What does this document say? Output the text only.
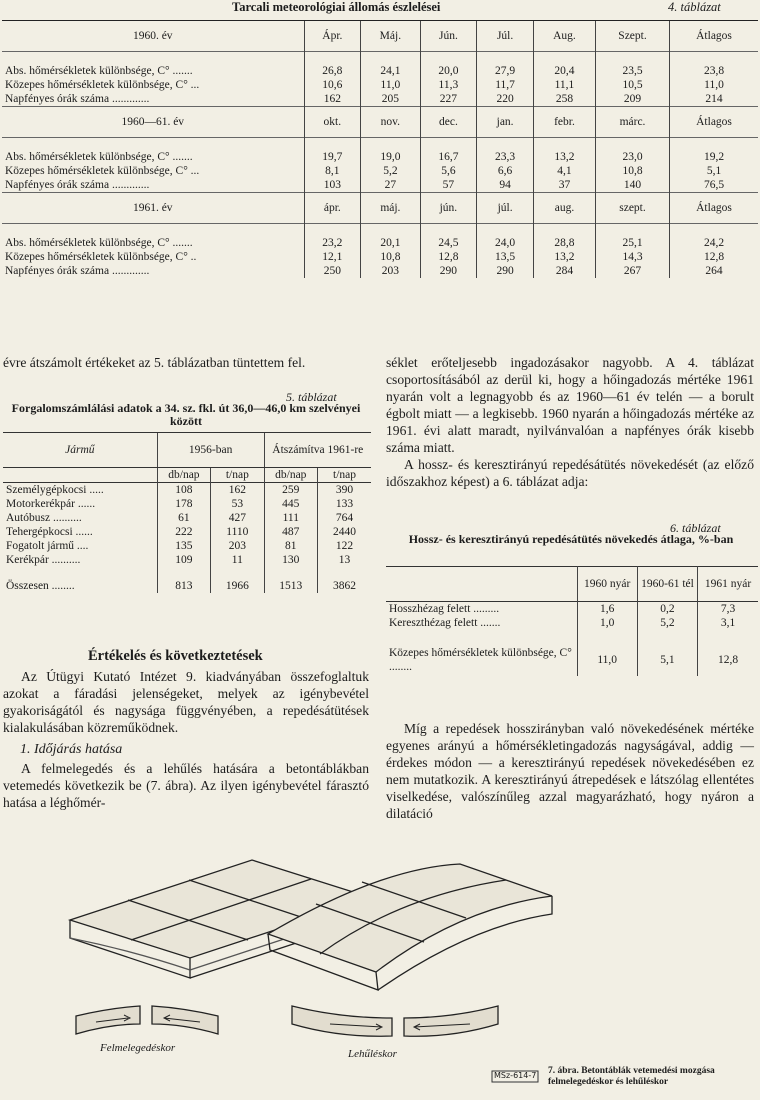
Tarcali meteorológiai állomás észlelései	4. táblázat
1960. év	Ápr.	Máj.	Jún.	Júl.	Aug.	Szept.	Átlagos

Abs. hőmérsékletek különbsége, C° .......	26,8	24,1	20,0	27,9	20,4	23,5	23,8
Közepes hőmérsékletek különbsége, C° ...	10,6	11,0	11,3	11,7	11,1	10,5	11,0
Napfényes órák száma .............	162	205	227	220	258	209	214
1960—61. év	okt.	nov.	dec.	jan.	febr.	márc.	Átlagos

Abs. hőmérsékletek különbsége, C° .......	19,7	19,0	16,7	23,3	13,2	23,0	19,2
Közepes hőmérsékletek különbsége, C° ...	8,1	5,2	5,6	6,6	4,1	10,8	5,1
Napfényes órák száma .............	103	27	57	94	37	140	76,5
1961. év	ápr.	máj.	jún.	júl.	aug.	szept.	Átlagos

Abs. hőmérsékletek különbsége, C° .......	23,2	20,1	24,5	24,0	28,8	25,1	24,2
Közepes hőmérsékletek különbsége, C° ..	12,1	10,8	12,8	13,5	13,2	14,3	12,8
Napfényes órák száma .............	250	203	290	290	284	267	264

évre átszámolt értékeket az 5. táblázatban tüntettem fel.

5. táblázat
Forgalomszámlálási adatok a 34. sz. fkl. út 36,0—46,0 km szelvényei között
Jármű	1956-ban		Átszámítva 1961-re	

	db/nap	t/nap	db/nap	t/nap
Személygépkocsi .....	108	162	259	390
Motorkerékpár ......	178	53	445	133
Autóbusz ..........	61	427	111	764
Tehergépkocsi ......	222	1110	487	2440
Fogatolt jármű ....	135	203	81	122
Kerékpár ..........	109	11	130	13

Összesen ........	813	1966	1513	3862
Értékelés és következtetések

Az Útügyi Kutató Intézet 9. kiadványában összefoglaltuk azokat a fáradási jelenségeket, melyek az igénybevétel gyakoriságától és nagysága függvényében, a repedésátütések kialakulásában közreműködnek.

1. Időjárás hatása

A felmelegedés és a lehűlés hatására a betontáblákban vetemedés következik be (7. ábra). Az ilyen igénybevétel fárasztó hatása a léghőmér-

séklet erőteljesebb ingadozásakor nagyobb. A 4. táblázat csoportosításából az derül ki, hogy a hőingadozás mértéke 1961 nyarán volt a legnagyobb és az 1960—61 év telén — a borult égbolt miatt — a legkisebb. 1960 nyarán a hőingadozás mértéke az 1961. évi alatt maradt, nyilvánvalóan a napfényes órák kisebb száma miatt.

A hossz- és keresztirányú repedésátütés növekedését (az előző időszakhoz képest) a 6. táblázat adja:

6. táblázat
Hossz- és keresztirányú repedésátütés növekedés átlaga, %-ban
	1960 nyár	1960-61 tél	1961 nyár
Hosszhézag felett .........	1,6	0,2	7,3
Kereszthézag felett .......	1,0	5,2	3,1

Közepes hőmérsékletek különbsége, C° ........	11,0	5,1	12,8

Míg a repedések hosszirányban való növekedésének mértéke egyenes arányú a hőmérsékletingadozás nagyságával, addig — érdekes módon — a keresztirányú repedések növekedésében ez nem mutatkozik. A keresztirányú átrepedések e látszólag ellentétes viselkedése, valószínűleg azzal magyarázható, hogy nyáron a dilatáció

Felmelegedéskor	Lehűléskor
MSz-614-7 7. ábra. Betontáblák vetemedési mozgása felmelegedéskor és lehűléskor
